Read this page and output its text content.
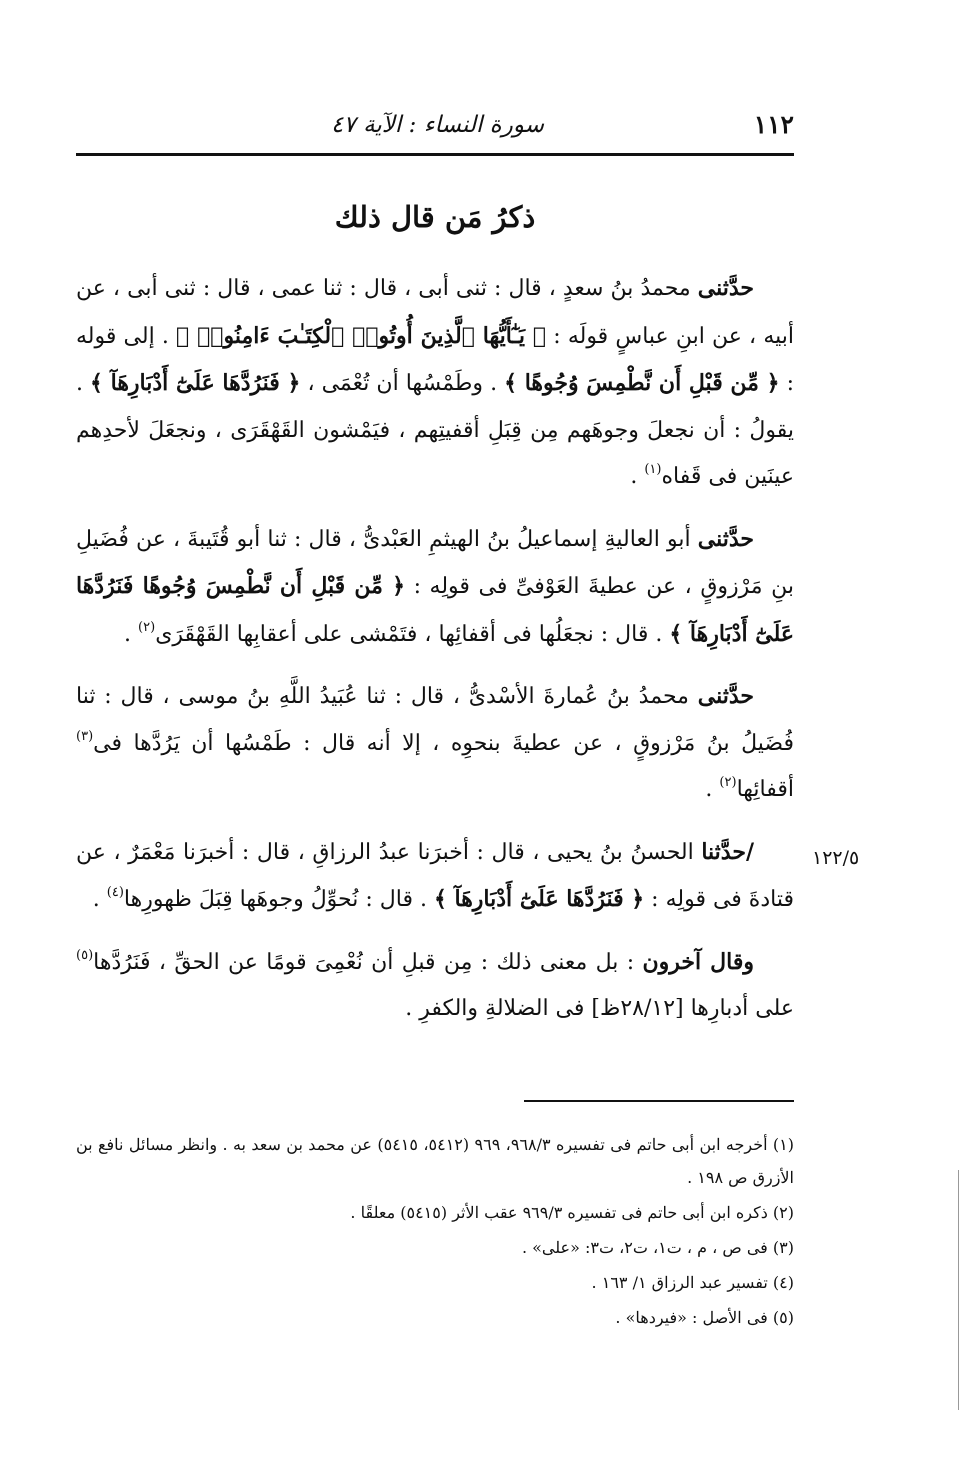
١١٢
سورة النساء : الآية ٤٧
ذكرُ مَن قال ذلك

حدَّثنى محمدُ بنُ سعدٍ ، قال : ثنى أبى ، قال : ثنا عمى ، قال : ثنى أبى ، عن أبيه ، عن ابنِ عباسٍ قولَه : ﴿ يَـٰٓأَيُّهَا ٱلَّذِينَ أُوتُوا۟ ٱلْكِتَـٰبَ ءَامِنُوا۟ ﴾ . إلى قوله : ﴿ مِّن قَبْلِ أَن نَّطْمِسَ وُجُوهًا ﴾ . وطَمْسُها أن تُعْمَى ، ﴿ فَنَرُدَّهَا عَلَىٰٓ أَدْبَارِهَآ ﴾ . يقولُ : أن نجعلَ وجوهَهم مِن قِبَلِ أقفيتِهم ، فيَمْشون القَهْقَرَى ، ونجعَلَ لأحدِهم عينَين فى قَفاه$^{(١)}$ .

حدَّثنى أبو العاليةِ إسماعيلُ بنُ الهيثمِ العَبْدىُّ ، قال : ثنا أبو قُتَيبةَ ، عن فُضَيلِ بنِ مَرْزوقٍ ، عن عطيةَ العَوْفىِّ فى قولِه : ﴿ مِّن قَبْلِ أَن نَّطْمِسَ وُجُوهًا فَنَرُدَّهَا عَلَىٰٓ أَدْبَارِهَآ ﴾ . قال : نجعَلُها فى أقفائِها ، فتَمْشى على أعقابِها القَهْقَرَى$^{(٢)}$ .

حدَّثنى محمدُ بنُ عُمارةَ الأسْدىُّ ، قال : ثنا عُبَيدُ اللَّهِ بنُ موسى ، قال : ثنا فُضَيلُ بنُ مَرْزوقٍ ، عن عطيةَ بنحوِه ، إلا أنه قال : طَمْسُها أن يَرُدَّها فى$^{(٣)}$ أقفائِها$^{(٢)}$ .

/حدَّثنا الحسنُ بنُ يحيى ، قال : أخبرَنا عبدُ الرزاقِ ، قال : أخبرَنا مَعْمَرٌ ، عن قتادةَ فى قولِه : ﴿ فَنَرُدَّهَا عَلَىٰٓ أَدْبَارِهَآ ﴾ . قال : نُحوِّلُ وجوهَها قِبَلَ ظهورِها$^{(٤)}$ .

وقال آخرون : بل معنى ذلك : مِن قبلِ أن نُعْمِىَ قومًا عن الحقِّ ، فَنَرُدَّها$^{(٥)}$ على أدبارِها [٢٨/١٢ظ] فى الضلالةِ والكفرِ .

١٢٢/٥

(١) أخرجه ابن أبى حاتم فى تفسيره ٩٦٨/٣، ٩٦٩ (٥٤١٢، ٥٤١٥) عن محمد بن سعد به . وانظر مسائل نافع بن الأزرق ص ١٩٨ .

(٢) ذكره ابن أبى حاتم فى تفسيره ٩٦٩/٣ عقب الأثر (٥٤١٥) معلقًا .

(٣) فى ص ، م ، ت١، ت٢، ت٣: «على» .

(٤) تفسير عبد الرزاق ١/ ١٦٣ .

(٥) فى الأصل : «فيردها» .
